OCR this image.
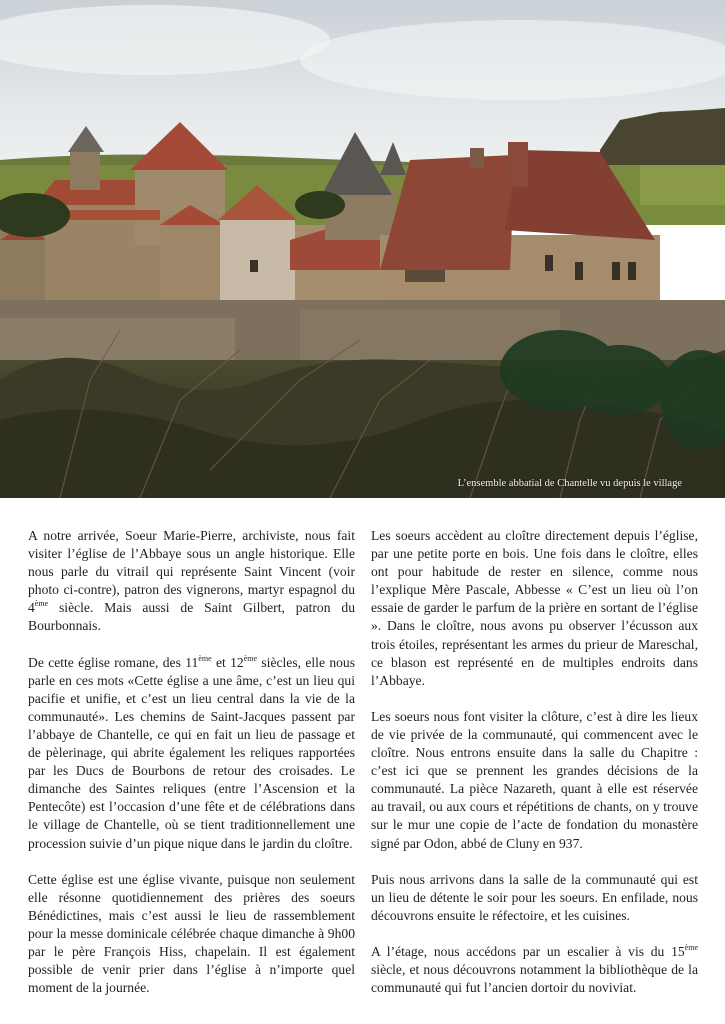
L’ensemble abbatial de Chantelle vu depuis le village

A notre arrivée, Soeur Marie-Pierre, archiviste, nous fait visiter l’église de l’Abbaye sous un angle historique. Elle nous parle du vitrail qui représente Saint Vincent (voir photo ci-contre), patron des vignerons, martyr espagnol du 4ème siècle. Mais aussi de Saint Gilbert, patron du Bourbonnais.

De cette église romane, des 11ème et 12ème siècles, elle nous parle en ces mots «Cette église a une âme, c’est un lieu qui pacifie et unifie, et c’est un lieu central dans la vie de la communauté». Les chemins de Saint-Jacques passent par l’abbaye de Chantelle, ce qui en fait un lieu de passage et de pèlerinage, qui abrite également les reliques rapportées par les Ducs de Bourbons de retour des croisades. Le dimanche des Saintes reliques (entre l’Ascension et la Pentecôte) est l’occasion d’une fête et de célébrations dans le village de Chantelle, où se tient traditionnellement une procession suivie d’un pique nique dans le jardin du cloître.

Cette église est une église vivante, puisque non seulement elle résonne quotidiennement des prières des soeurs Bénédictines, mais c’est aussi le lieu de rassemblement pour la messe dominicale célébrée chaque dimanche à 9h00 par le père François Hiss, chapelain. Il est également possible de venir prier dans l’église à n’importe quel moment de la journée.

Les soeurs accèdent au cloître directement depuis l’église, par une petite porte en bois. Une fois dans le cloître, elles ont pour habitude de rester en silence, comme nous l’explique Mère Pascale, Abbesse « C’est un lieu où l’on essaie de garder le parfum de la prière en sortant de l’église ». Dans le cloître, nous avons pu observer l’écusson aux trois étoiles, représentant les armes du prieur de Mareschal, ce blason est représenté en de multiples endroits dans l’Abbaye.

Les soeurs nous font visiter la clôture, c’est à dire les lieux de vie privée de la communauté, qui commencent avec le cloître. Nous entrons ensuite dans la salle du Chapitre : c’est ici que se prennent les grandes décisions de la communauté. La pièce Nazareth, quant à elle est réservée au travail, ou aux cours et répétitions de chants, on y trouve sur le mur une copie de l’acte de fondation du monastère signé par Odon, abbé de Cluny en 937.

Puis nous arrivons dans la salle de la communauté qui est un lieu de détente le soir pour les soeurs. En enfilade, nous découvrons ensuite le réfectoire, et les cuisines.

A l’étage, nous accédons par un escalier à vis du 15ème siècle, et nous découvrons notamment la bibliothèque de la communauté qui fut l’ancien dortoir du noviviat.
